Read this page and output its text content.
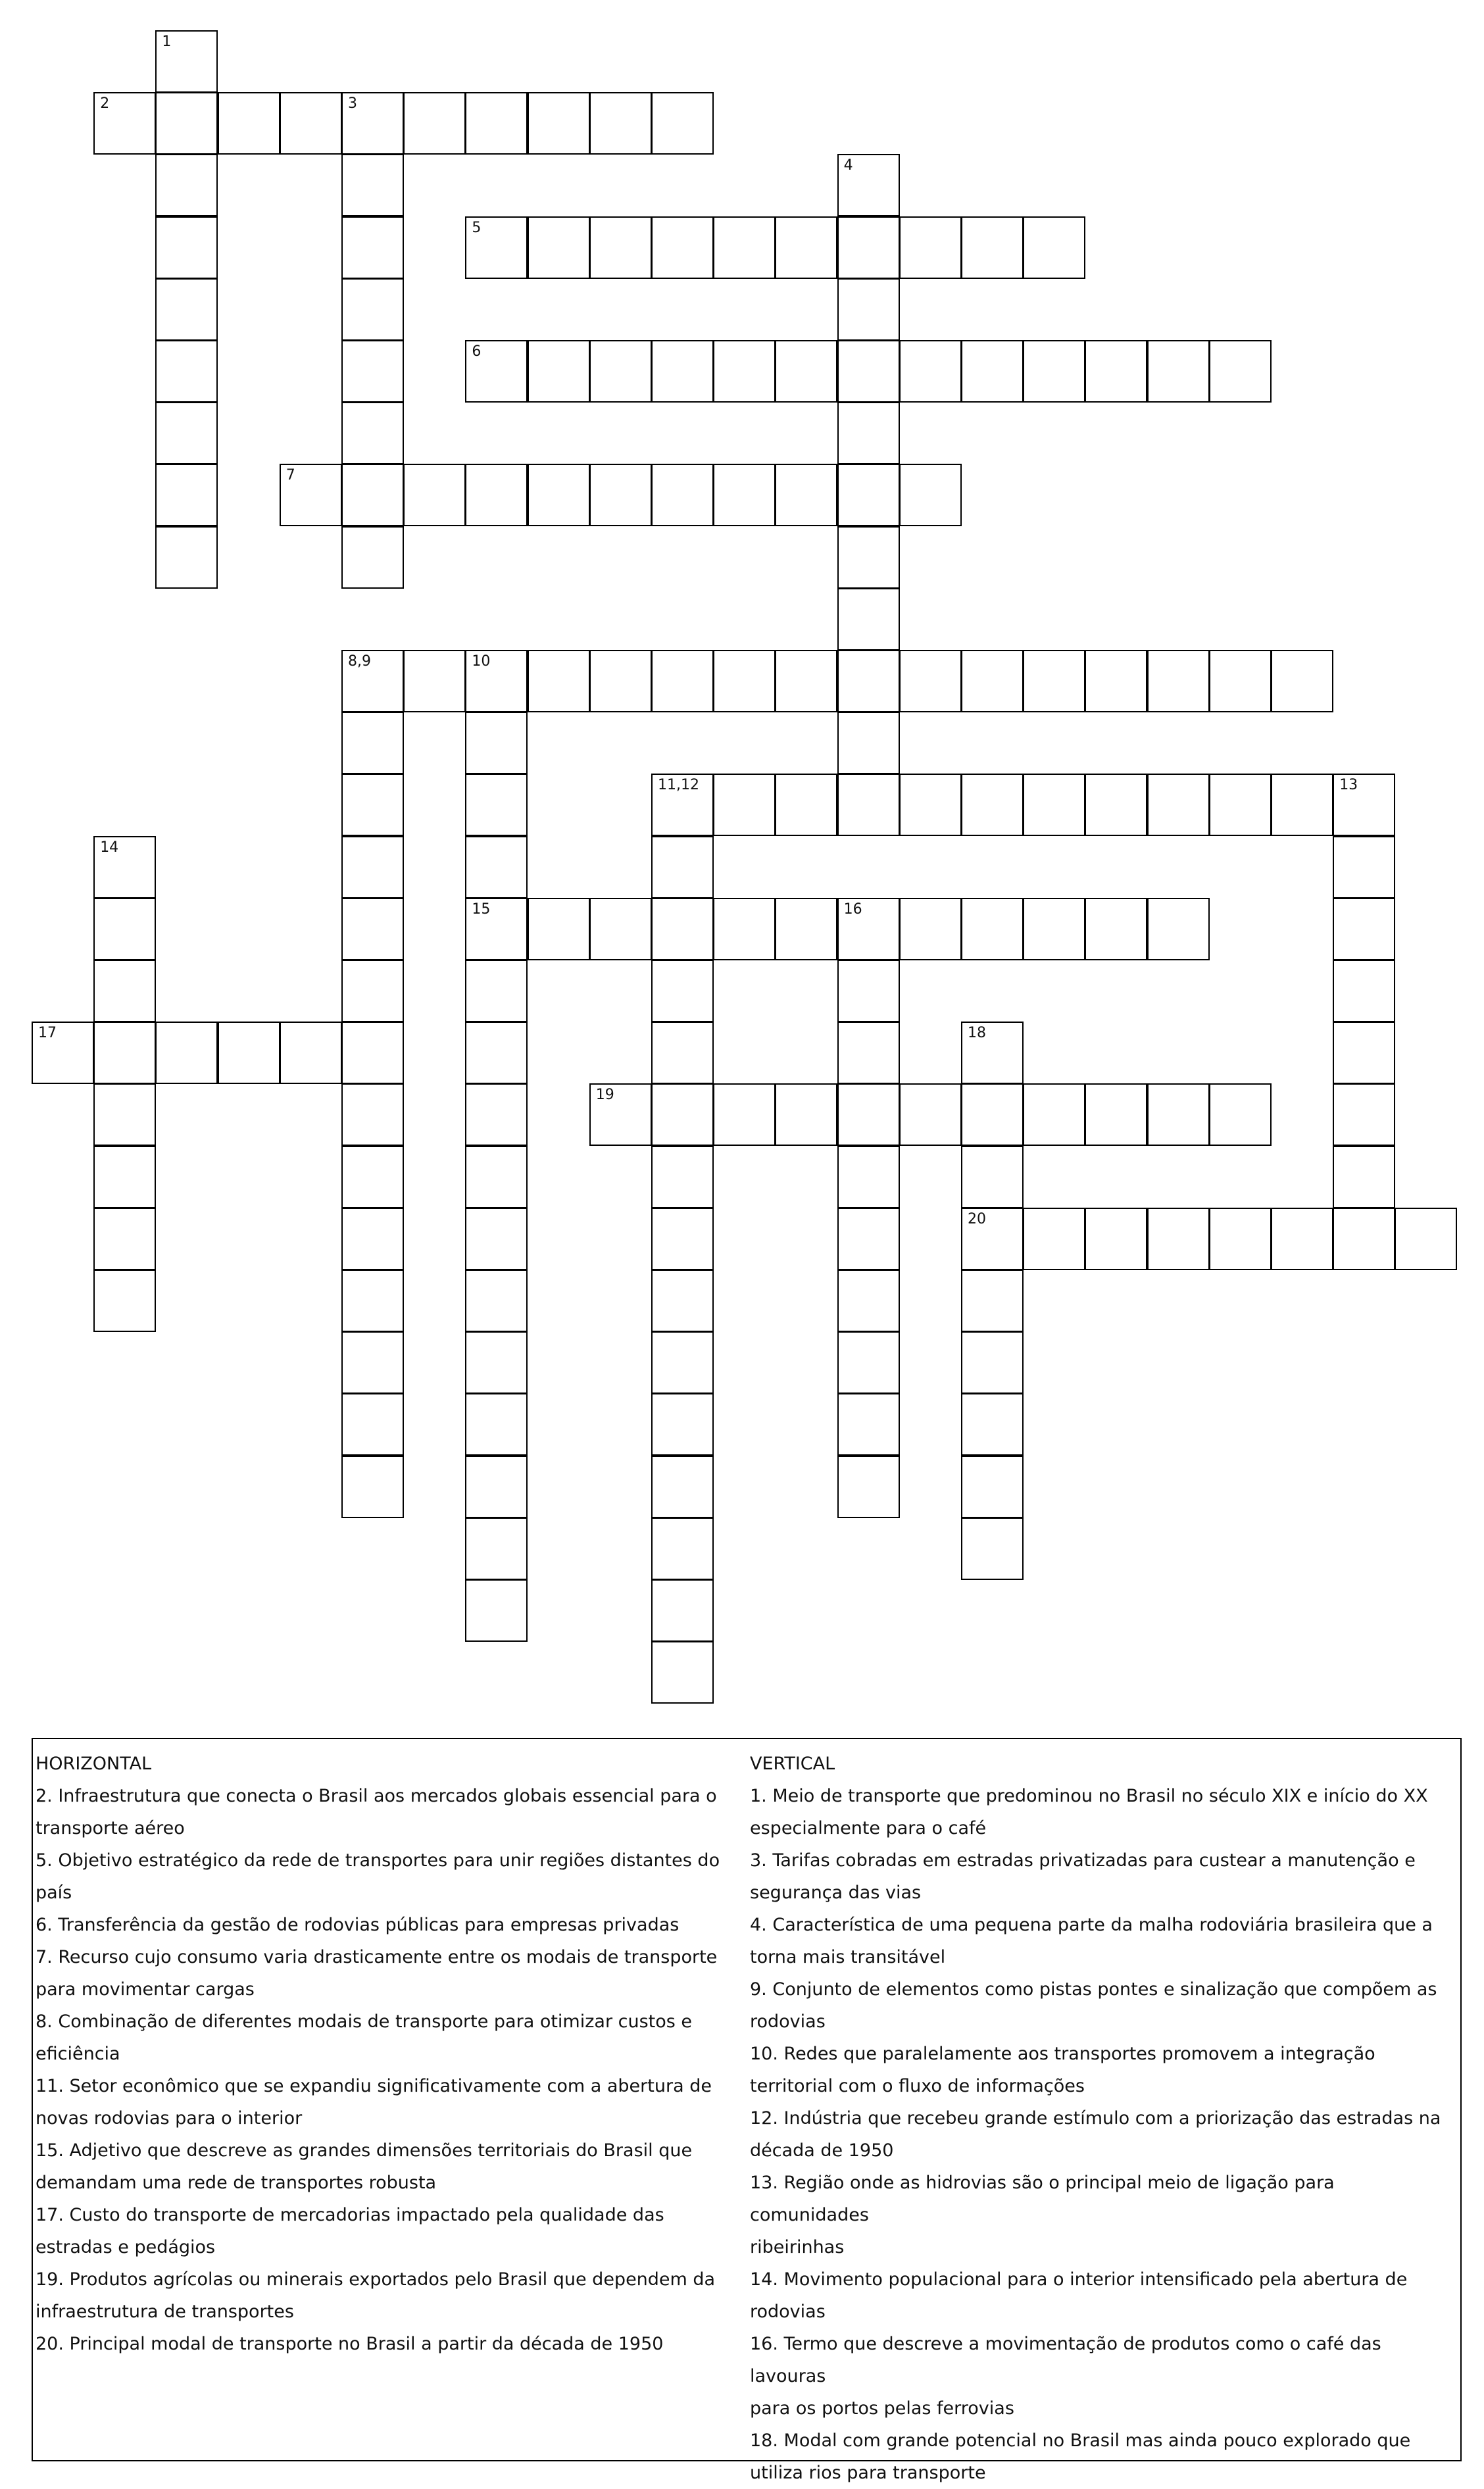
1
2	3
4
5
6
7
8,9	10
11,12	13
14
15	16
17	18
19
20
HORIZONTAL
2. Infraestrutura que conecta o Brasil aos mercados globais essencial para o
transporte aéreo
5. Objetivo estratégico da rede de transportes para unir regiões distantes do
país
6. Transferência da gestão de rodovias públicas para empresas privadas
7. Recurso cujo consumo varia drasticamente entre os modais de transporte
para movimentar cargas
8. Combinação de diferentes modais de transporte para otimizar custos e
eficiência
11. Setor econômico que se expandiu significativamente com a abertura de
novas rodovias para o interior
15. Adjetivo que descreve as grandes dimensões territoriais do Brasil que
demandam uma rede de transportes robusta
17. Custo do transporte de mercadorias impactado pela qualidade das
estradas e pedágios
19. Produtos agrícolas ou minerais exportados pelo Brasil que dependem da
infraestrutura de transportes
20. Principal modal de transporte no Brasil a partir da década de 1950
VERTICAL
1. Meio de transporte que predominou no Brasil no século XIX e início do XX
especialmente para o café
3. Tarifas cobradas em estradas privatizadas para custear a manutenção e
segurança das vias
4. Característica de uma pequena parte da malha rodoviária brasileira que a
torna mais transitável
9. Conjunto de elementos como pistas pontes e sinalização que compõem as
rodovias
10. Redes que paralelamente aos transportes promovem a integração
territorial com o fluxo de informações
12. Indústria que recebeu grande estímulo com a priorização das estradas na
década de 1950
13. Região onde as hidrovias são o principal meio de ligação para comunidades
ribeirinhas
14. Movimento populacional para o interior intensificado pela abertura de
rodovias
16. Termo que descreve a movimentação de produtos como o café das lavouras
para os portos pelas ferrovias
18. Modal com grande potencial no Brasil mas ainda pouco explorado que
utiliza rios para transporte
